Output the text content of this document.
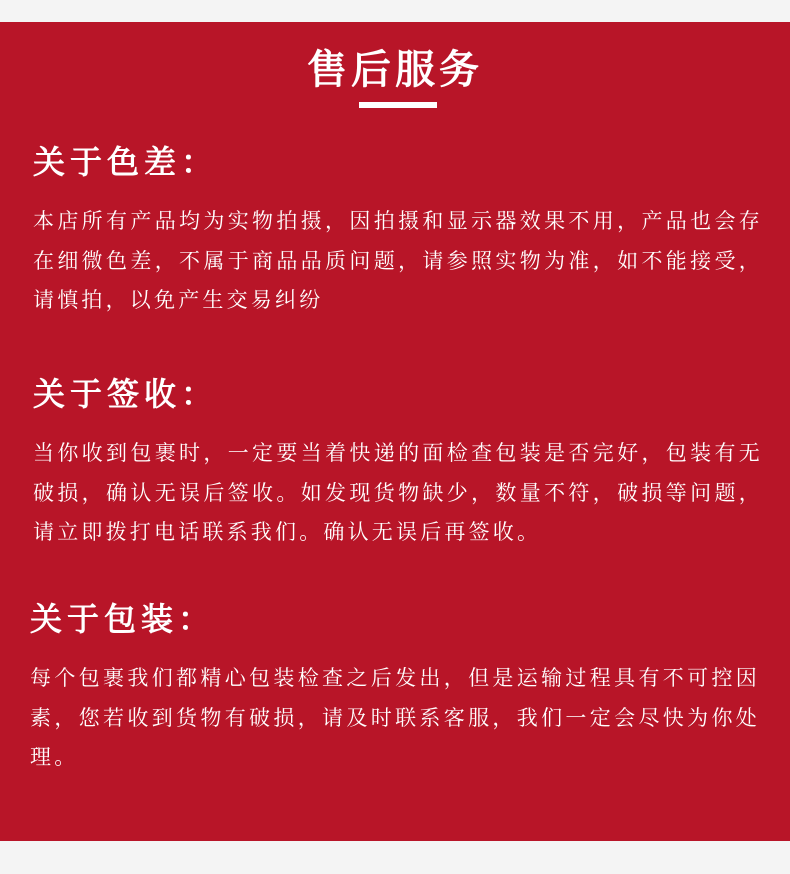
售后服务
关于色差：

本店所有产品均为实物拍摄，因拍摄和显示器效果不用，产品也会存在细微色差，不属于商品品质问题，请参照实物为准，如不能接受，请慎拍，以免产生交易纠纷

关于签收：

当你收到包裹时，一定要当着快递的面检查包装是否完好，包装有无破损，确认无误后签收。如发现货物缺少，数量不符，破损等问题，请立即拨打电话联系我们。确认无误后再签收。

关于包装：

每个包裹我们都精心包装检查之后发出，但是运输过程具有不可控因素，您若收到货物有破损，请及时联系客服，我们一定会尽快为你处理。
